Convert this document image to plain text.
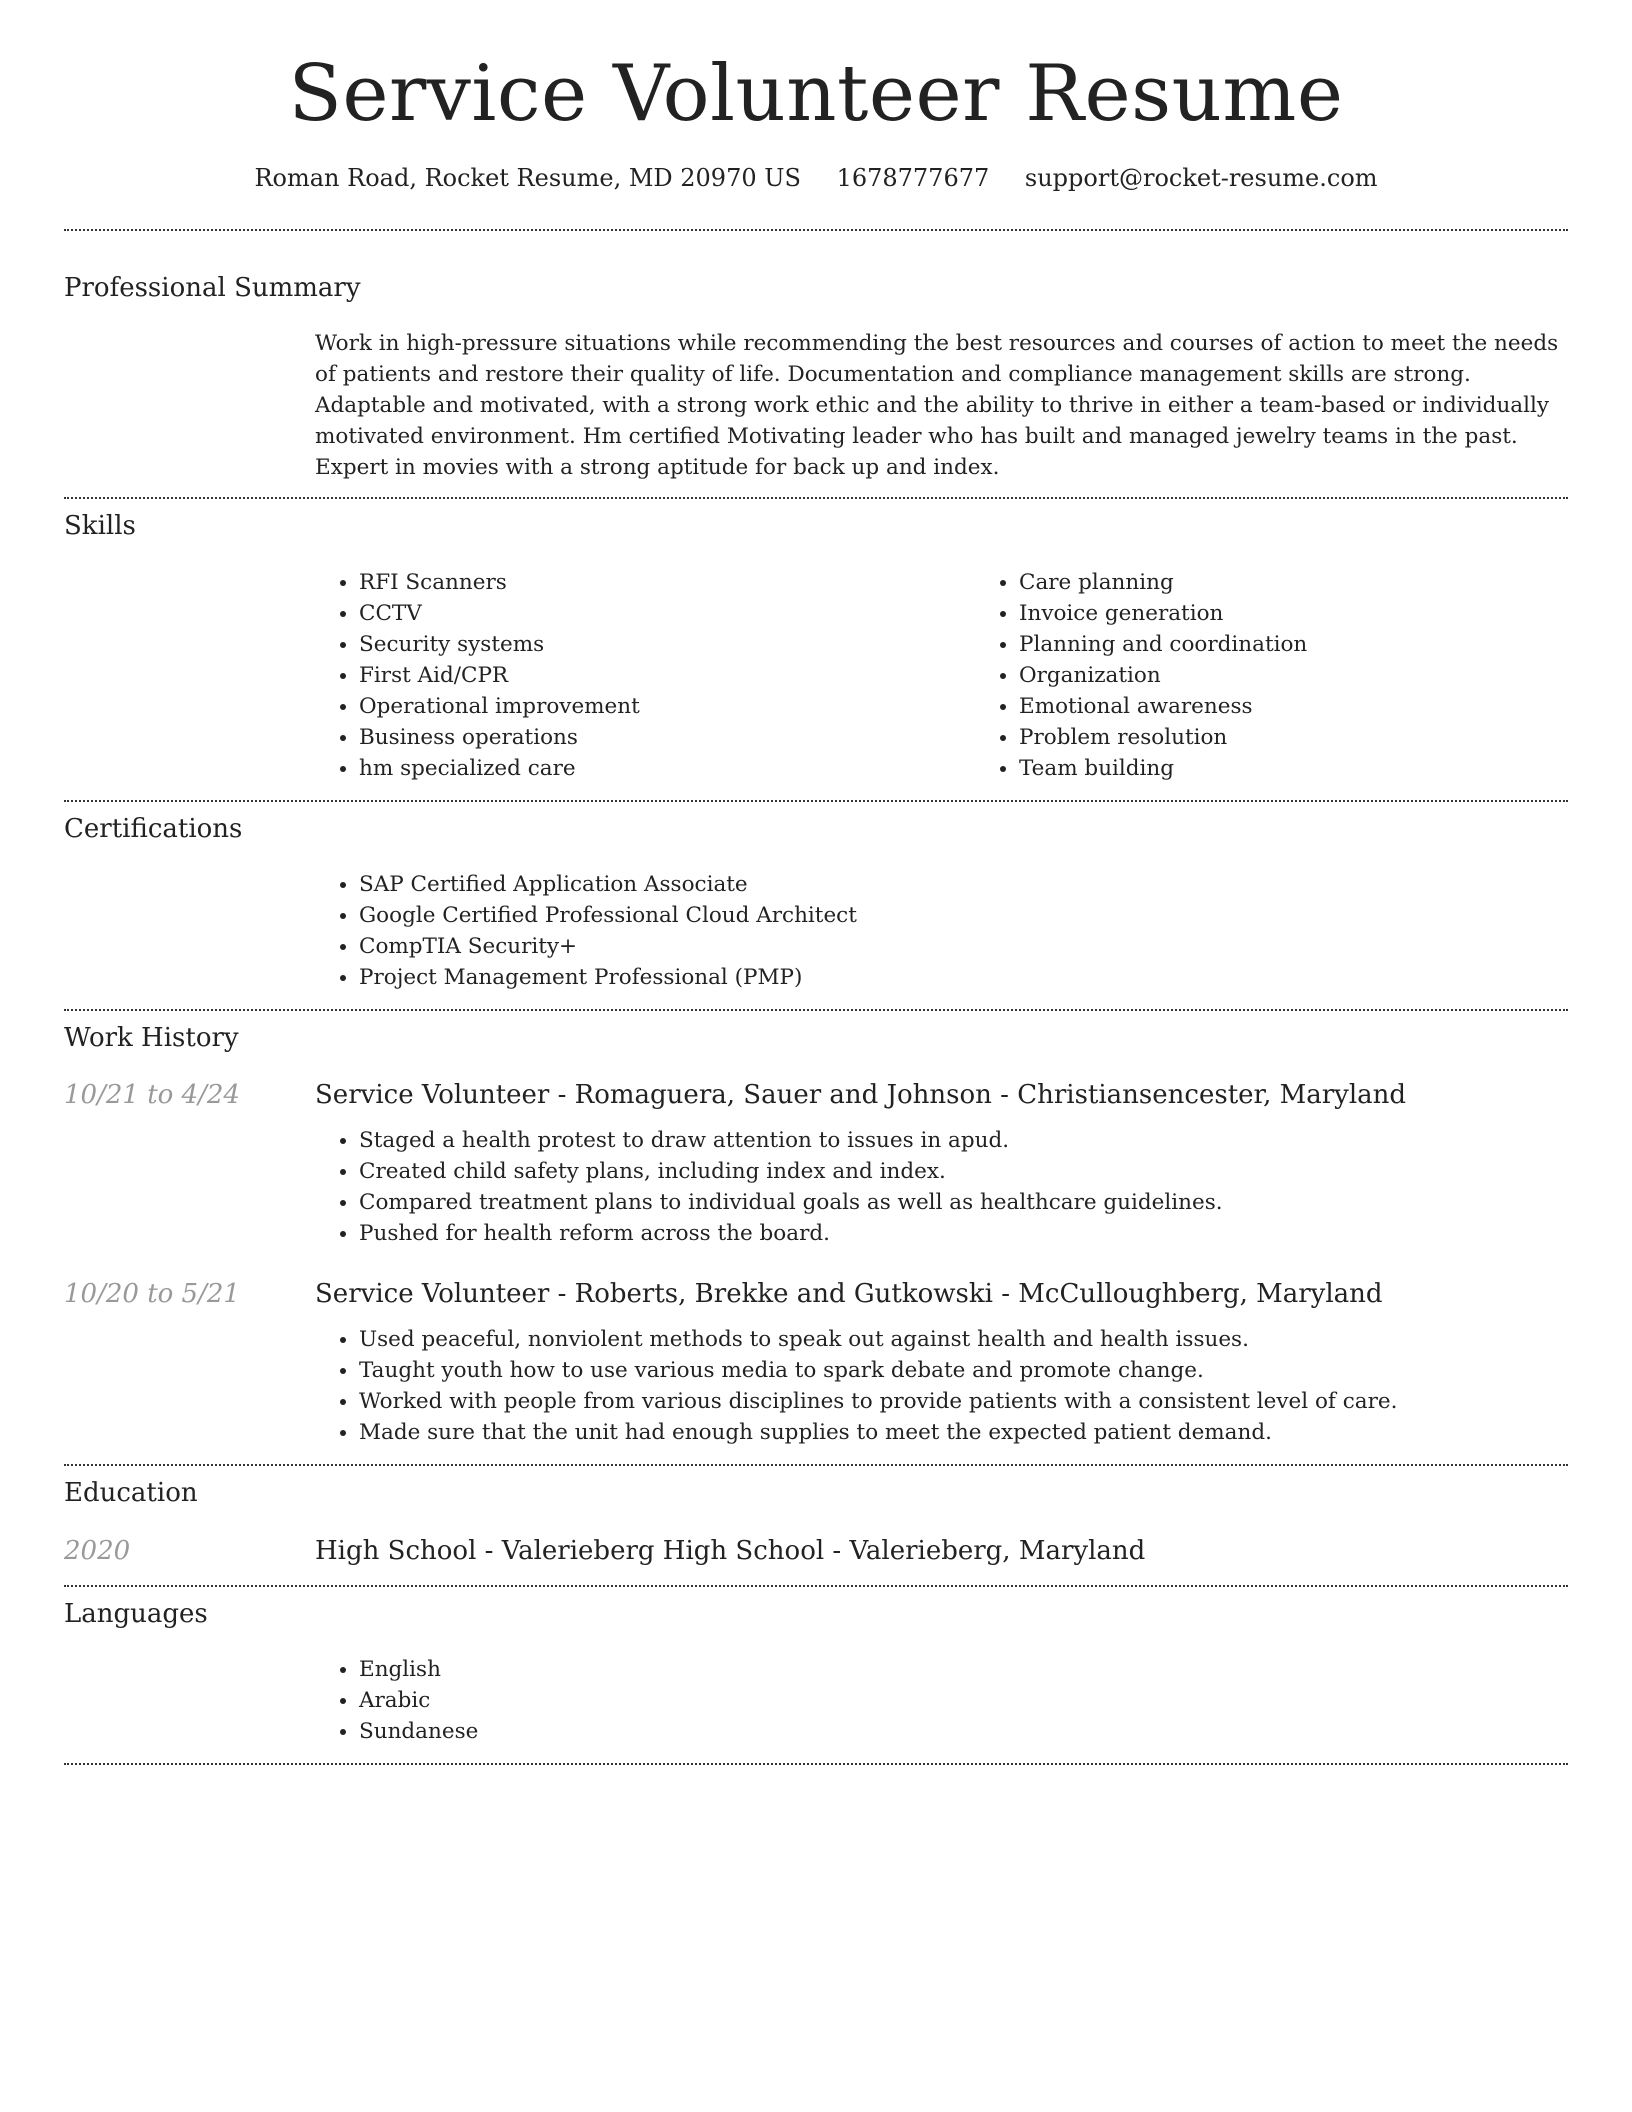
Service Volunteer Resume
Roman Road, Rocket Resume, MD 20970 US 1678777677 support@rocket-resume.com
Professional Summary

Work in high-pressure situations while recommending the best resources and courses of action to meet the needs of patients and restore their quality of life. Documentation and compliance management skills are strong. Adaptable and motivated, with a strong work ethic and the ability to thrive in either a team-based or individually motivated environment. Hm certified Motivating leader who has built and managed jewelry teams in the past. Expert in movies with a strong aptitude for back up and index.

Skills
• RFI Scanners
• CCTV
• Security systems
• First Aid/CPR
• Operational improvement
• Business operations
• hm specialized care
• Care planning
• Invoice generation
• Planning and coordination
• Organization
• Emotional awareness
• Problem resolution
• Team building
Certifications
• SAP Certified Application Associate
• Google Certified Professional Cloud Architect
• CompTIA Security+
• Project Management Professional (PMP)
Work History
10/21 to 4/24	Service Volunteer - Romaguera, Sauer and Johnson - Christiansencester, Maryland
• Staged a health protest to draw attention to issues in apud.
• Created child safety plans, including index and index.
• Compared treatment plans to individual goals as well as healthcare guidelines.
• Pushed for health reform across the board.
10/20 to 5/21	Service Volunteer - Roberts, Brekke and Gutkowski - McCulloughberg, Maryland
• Used peaceful, nonviolent methods to speak out against health and health issues.
• Taught youth how to use various media to spark debate and promote change.
• Worked with people from various disciplines to provide patients with a consistent level of care.
• Made sure that the unit had enough supplies to meet the expected patient demand.
Education
2020	High School - Valerieberg High School - Valerieberg, Maryland
Languages
• English
• Arabic
• Sundanese
